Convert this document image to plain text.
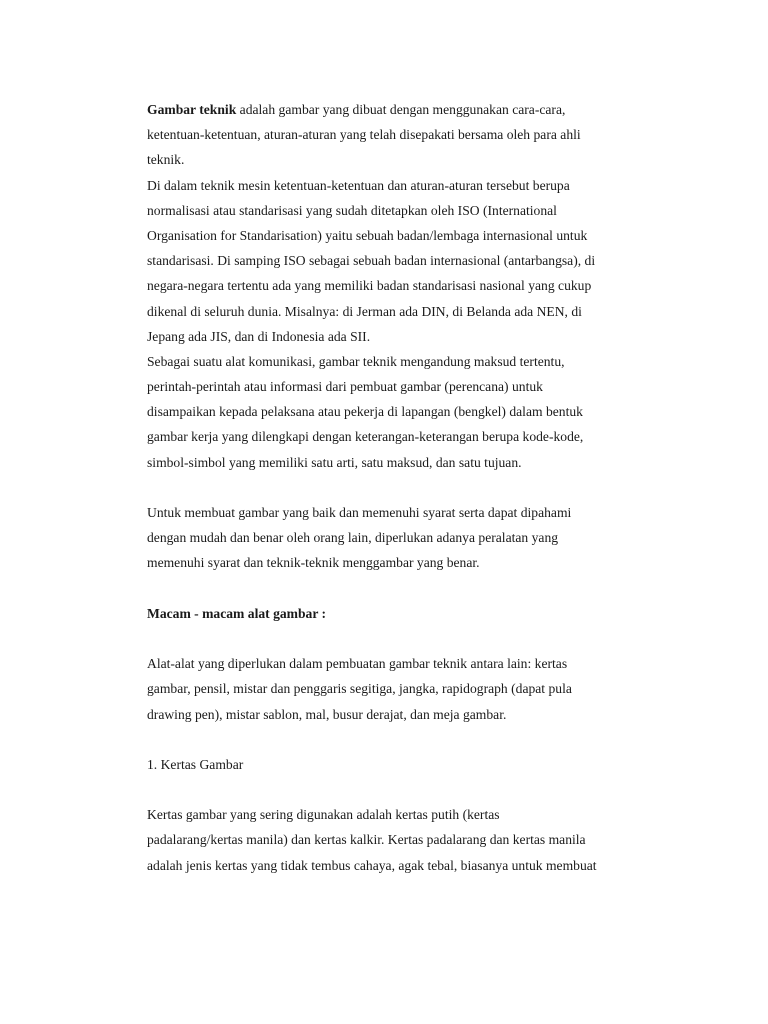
Gambar teknik adalah gambar yang dibuat dengan menggunakan cara-cara,
ketentuan-ketentuan, aturan-aturan yang telah disepakati bersama oleh para ahli
teknik.
Di dalam teknik mesin ketentuan-ketentuan dan aturan-aturan tersebut berupa
normalisasi atau standarisasi yang sudah ditetapkan oleh ISO (International
Organisation for Standarisation) yaitu sebuah badan/lembaga internasional untuk
standarisasi. Di samping ISO sebagai sebuah badan internasional (antarbangsa), di
negara-negara tertentu ada yang memiliki badan standarisasi nasional yang cukup
dikenal di seluruh dunia. Misalnya: di Jerman ada DIN, di Belanda ada NEN, di
Jepang ada JIS, dan di Indonesia ada SII.
Sebagai suatu alat komunikasi, gambar teknik mengandung maksud tertentu,
perintah-perintah atau informasi dari pembuat gambar (perencana) untuk
disampaikan kepada pelaksana atau pekerja di lapangan (bengkel) dalam bentuk
gambar kerja yang dilengkapi dengan keterangan-keterangan berupa kode-kode,
simbol-simbol yang memiliki satu arti, satu maksud, dan satu tujuan.
Untuk membuat gambar yang baik dan memenuhi syarat serta dapat dipahami
dengan mudah dan benar oleh orang lain, diperlukan adanya peralatan yang
memenuhi syarat dan teknik-teknik menggambar yang benar.
Macam - macam alat gambar :
Alat-alat yang diperlukan dalam pembuatan gambar teknik antara lain: kertas
gambar, pensil, mistar dan penggaris segitiga, jangka, rapidograph (dapat pula
drawing pen), mistar sablon, mal, busur derajat, dan meja gambar.
1. Kertas Gambar
Kertas gambar yang sering digunakan adalah kertas putih (kertas
padalarang/kertas manila) dan kertas kalkir. Kertas padalarang dan kertas manila
adalah jenis kertas yang tidak tembus cahaya, agak tebal, biasanya untuk membuat
